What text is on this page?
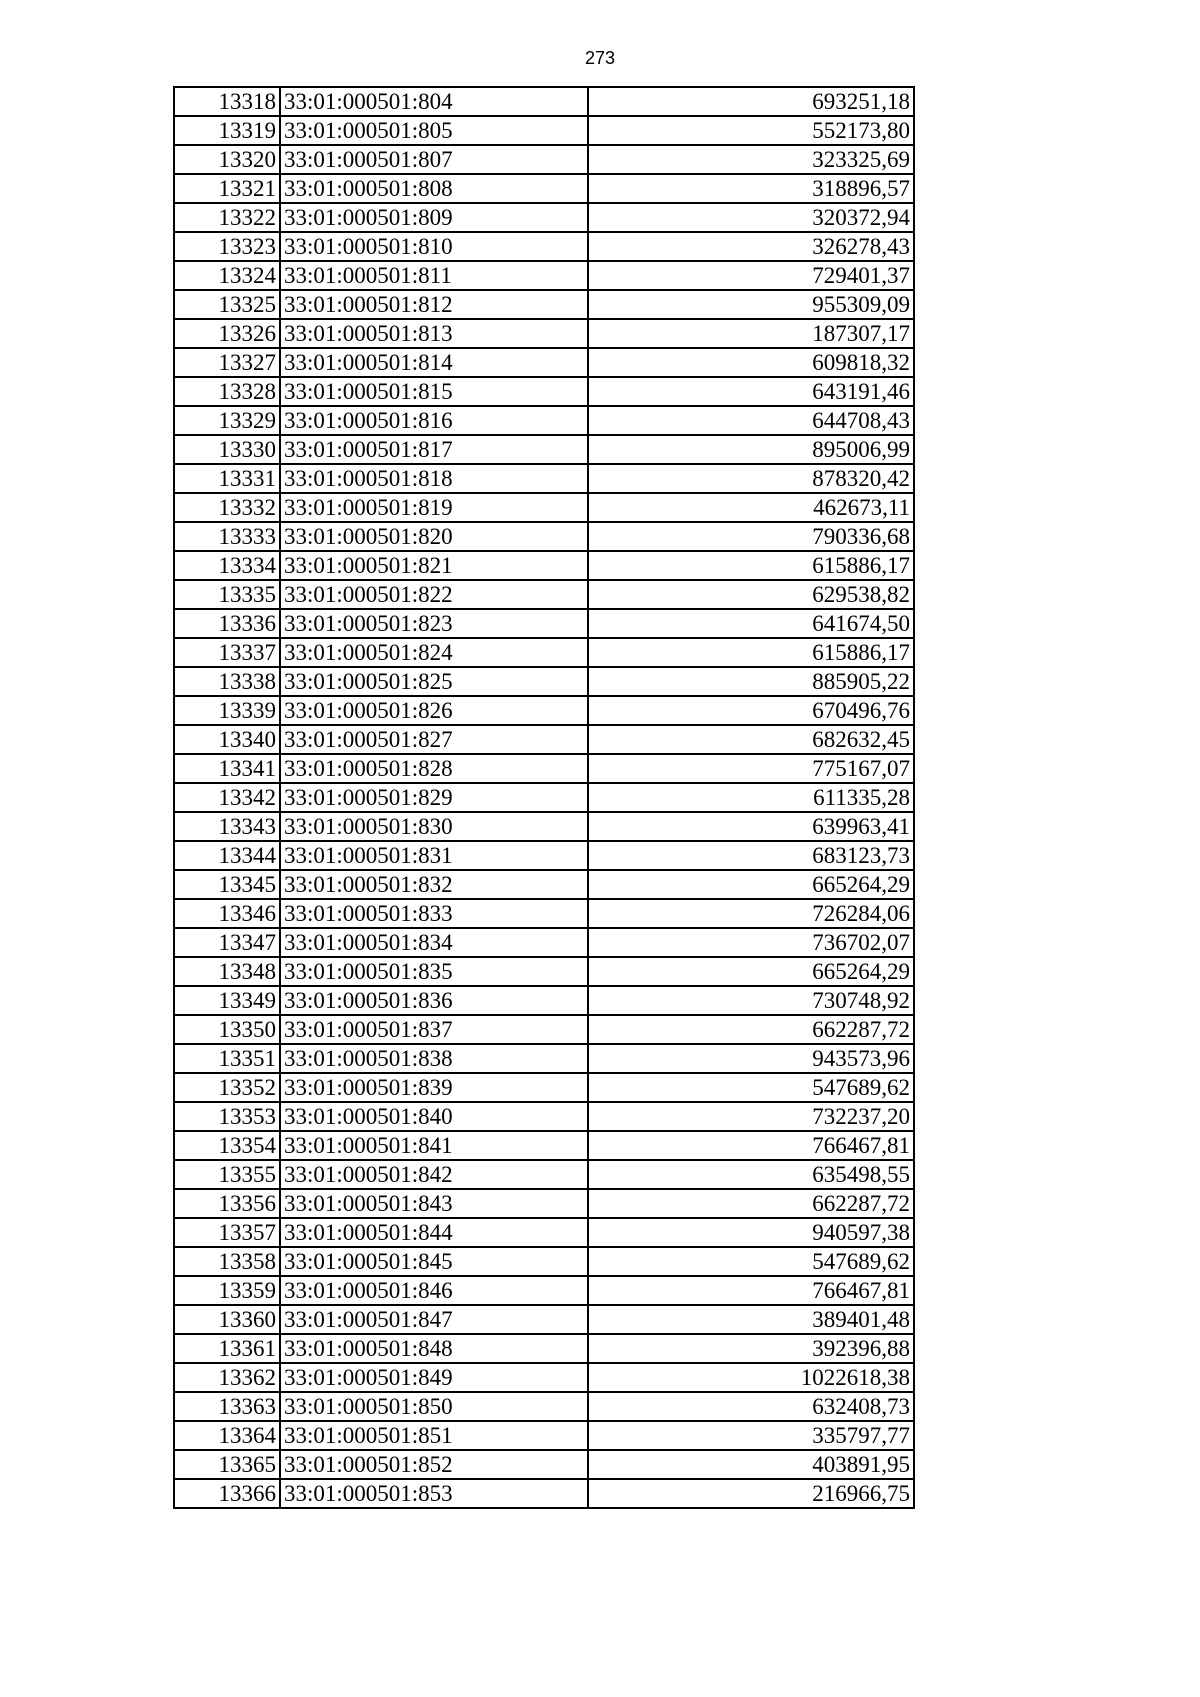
273
13318	33:01:000501:804	693251,18
13319	33:01:000501:805	552173,80
13320	33:01:000501:807	323325,69
13321	33:01:000501:808	318896,57
13322	33:01:000501:809	320372,94
13323	33:01:000501:810	326278,43
13324	33:01:000501:811	729401,37
13325	33:01:000501:812	955309,09
13326	33:01:000501:813	187307,17
13327	33:01:000501:814	609818,32
13328	33:01:000501:815	643191,46
13329	33:01:000501:816	644708,43
13330	33:01:000501:817	895006,99
13331	33:01:000501:818	878320,42
13332	33:01:000501:819	462673,11
13333	33:01:000501:820	790336,68
13334	33:01:000501:821	615886,17
13335	33:01:000501:822	629538,82
13336	33:01:000501:823	641674,50
13337	33:01:000501:824	615886,17
13338	33:01:000501:825	885905,22
13339	33:01:000501:826	670496,76
13340	33:01:000501:827	682632,45
13341	33:01:000501:828	775167,07
13342	33:01:000501:829	611335,28
13343	33:01:000501:830	639963,41
13344	33:01:000501:831	683123,73
13345	33:01:000501:832	665264,29
13346	33:01:000501:833	726284,06
13347	33:01:000501:834	736702,07
13348	33:01:000501:835	665264,29
13349	33:01:000501:836	730748,92
13350	33:01:000501:837	662287,72
13351	33:01:000501:838	943573,96
13352	33:01:000501:839	547689,62
13353	33:01:000501:840	732237,20
13354	33:01:000501:841	766467,81
13355	33:01:000501:842	635498,55
13356	33:01:000501:843	662287,72
13357	33:01:000501:844	940597,38
13358	33:01:000501:845	547689,62
13359	33:01:000501:846	766467,81
13360	33:01:000501:847	389401,48
13361	33:01:000501:848	392396,88
13362	33:01:000501:849	1022618,38
13363	33:01:000501:850	632408,73
13364	33:01:000501:851	335797,77
13365	33:01:000501:852	403891,95
13366	33:01:000501:853	216966,75
